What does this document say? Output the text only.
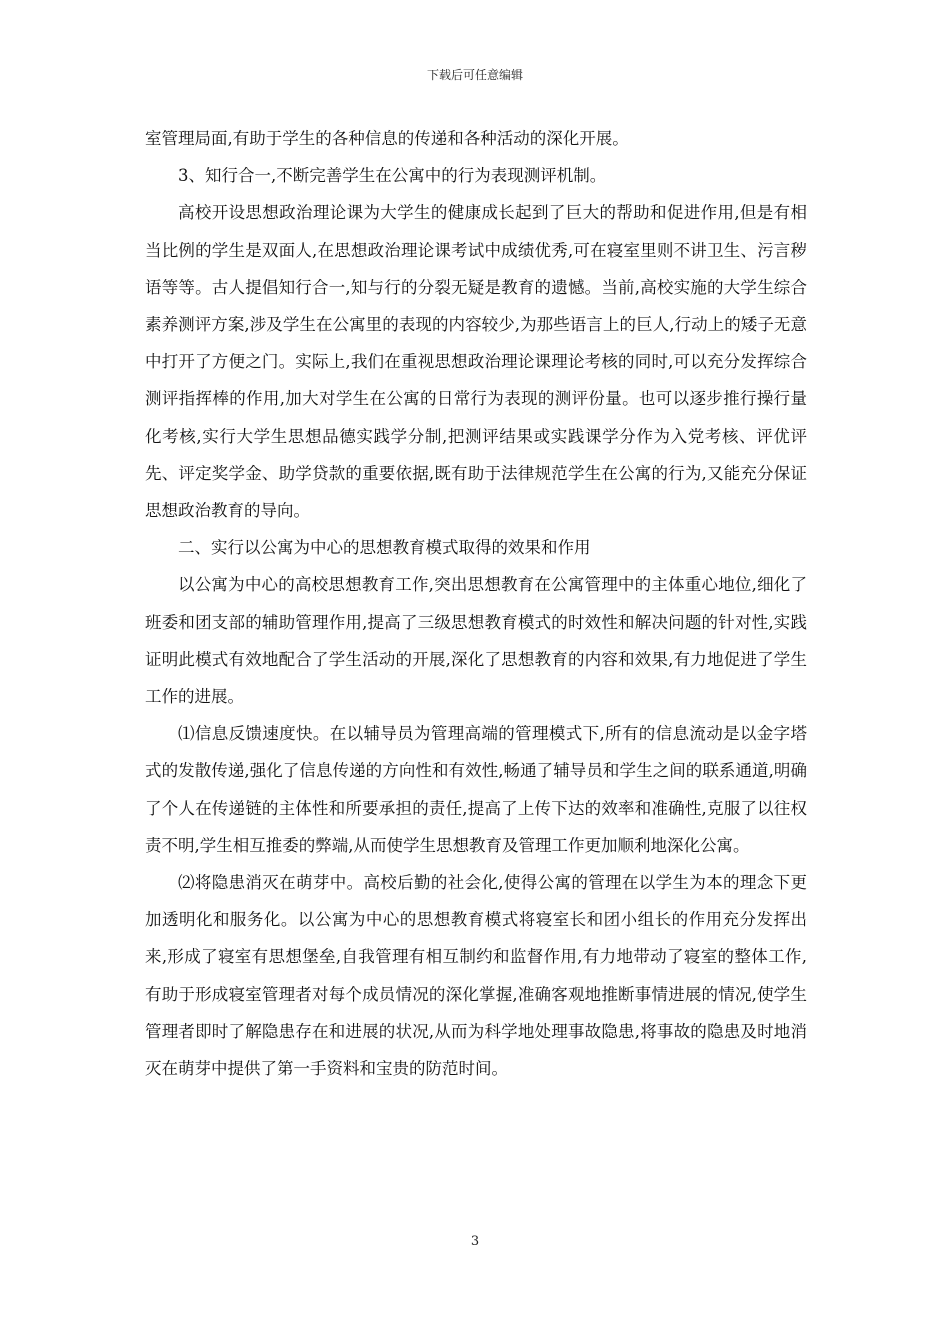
下载后可任意编辑

室管理局面,有助于学生的各种信息的传递和各种活动的深化开展。

3、知行合一,不断完善学生在公寓中的行为表现测评机制。

高校开设思想政治理论课为大学生的健康成长起到了巨大的帮助和促进作用,但是有相当比例的学生是双面人,在思想政治理论课考试中成绩优秀,可在寝室里则不讲卫生、污言秽语等等。古人提倡知行合一,知与行的分裂无疑是教育的遗憾。当前,高校实施的大学生综合素养测评方案,涉及学生在公寓里的表现的内容较少,为那些语言上的巨人,行动上的矮子无意中打开了方便之门。实际上,我们在重视思想政治理论课理论考核的同时,可以充分发挥综合测评指挥棒的作用,加大对学生在公寓的日常行为表现的测评份量。也可以逐步推行操行量化考核,实行大学生思想品德实践学分制,把测评结果或实践课学分作为入党考核、评优评先、评定奖学金、助学贷款的重要依据,既有助于法律规范学生在公寓的行为,又能充分保证思想政治教育的导向。

二、实行以公寓为中心的思想教育模式取得的效果和作用

以公寓为中心的高校思想教育工作,突出思想教育在公寓管理中的主体重心地位,细化了班委和团支部的辅助管理作用,提高了三级思想教育模式的时效性和解决问题的针对性,实践证明此模式有效地配合了学生活动的开展,深化了思想教育的内容和效果,有力地促进了学生工作的进展。

⑴信息反馈速度快。在以辅导员为管理高端的管理模式下,所有的信息流动是以金字塔式的发散传递,强化了信息传递的方向性和有效性,畅通了辅导员和学生之间的联系通道,明确了个人在传递链的主体性和所要承担的责任,提高了上传下达的效率和准确性,克服了以往权责不明,学生相互推委的弊端,从而使学生思想教育及管理工作更加顺利地深化公寓。

⑵将隐患消灭在萌芽中。高校后勤的社会化,使得公寓的管理在以学生为本的理念下更加透明化和服务化。以公寓为中心的思想教育模式将寝室长和团小组长的作用充分发挥出来,形成了寝室有思想堡垒,自我管理有相互制约和监督作用,有力地带动了寝室的整体工作,有助于形成寝室管理者对每个成员情况的深化掌握,准确客观地推断事情进展的情况,使学生管理者即时了解隐患存在和进展的状况,从而为科学地处理事故隐患,将事故的隐患及时地消灭在萌芽中提供了第一手资料和宝贵的防范时间。

3
